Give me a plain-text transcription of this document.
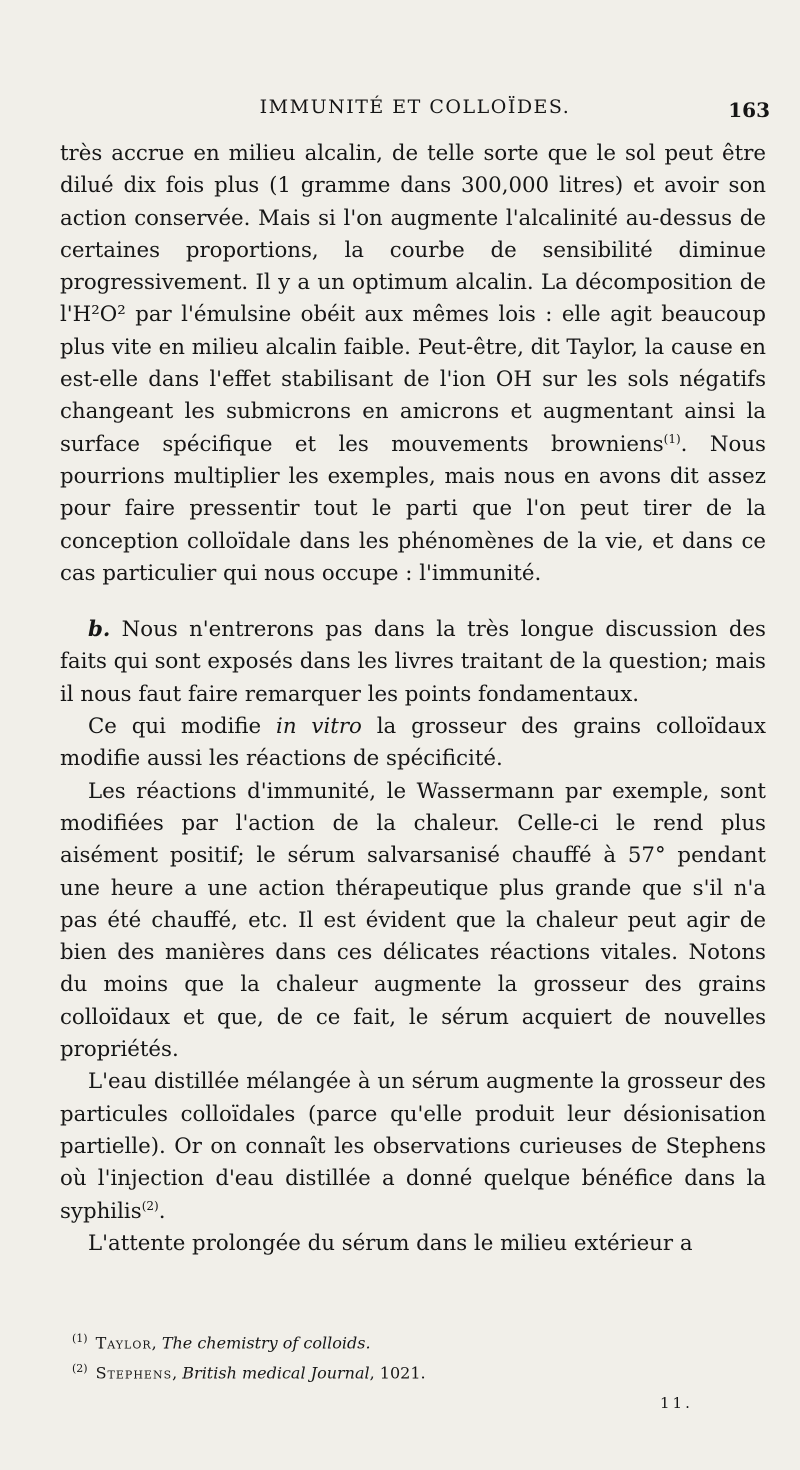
IMMUNITÉ ET COLLOÏDES.	163

très accrue en milieu alcalin, de telle sorte que le sol peut être dilué dix fois plus (1 gramme dans 300,000 litres) et avoir son action conservée. Mais si l'on augmente l'alcalinité au-dessus de certaines proportions, la courbe de sensibilité diminue progressivement. Il y a un optimum alcalin. La décomposition de l'H²O² par l'émulsine obéit aux mêmes lois : elle agit beaucoup plus vite en milieu alcalin faible. Peut-être, dit Taylor, la cause en est-elle dans l'effet stabilisant de l'ion OH sur les sols négatifs changeant les submicrons en amicrons et augmentant ainsi la surface spécifique et les mouvements browniens$^{(1)}$. Nous pourrions multiplier les exemples, mais nous en avons dit assez pour faire pressentir tout le parti que l'on peut tirer de la conception colloïdale dans les phénomènes de la vie, et dans ce cas particulier qui nous occupe : l'immunité.

b. Nous n'entrerons pas dans la très longue discussion des faits qui sont exposés dans les livres traitant de la question; mais il nous faut faire remarquer les points fondamentaux.

Ce qui modifie in vitro la grosseur des grains colloïdaux modifie aussi les réactions de spécificité.

Les réactions d'immunité, le Wassermann par exemple, sont modifiées par l'action de la chaleur. Celle-ci le rend plus aisément positif; le sérum salvarsanisé chauffé à 57° pendant une heure a une action thérapeutique plus grande que s'il n'a pas été chauffé, etc. Il est évident que la chaleur peut agir de bien des manières dans ces délicates réactions vitales. Notons du moins que la chaleur augmente la grosseur des grains colloïdaux et que, de ce fait, le sérum acquiert de nouvelles propriétés.

L'eau distillée mélangée à un sérum augmente la grosseur des particules colloïdales (parce qu'elle produit leur désionisation partielle). Or on connaît les observations curieuses de Stephens où l'injection d'eau distillée a donné quelque bénéfice dans la syphilis$^{(2)}$.

L'attente prolongée du sérum dans le milieu extérieur a

$^{(1)}$ Taylor, The chemistry of colloids.

$^{(2)}$ Stephens, British medical Journal, 1021.

11.
